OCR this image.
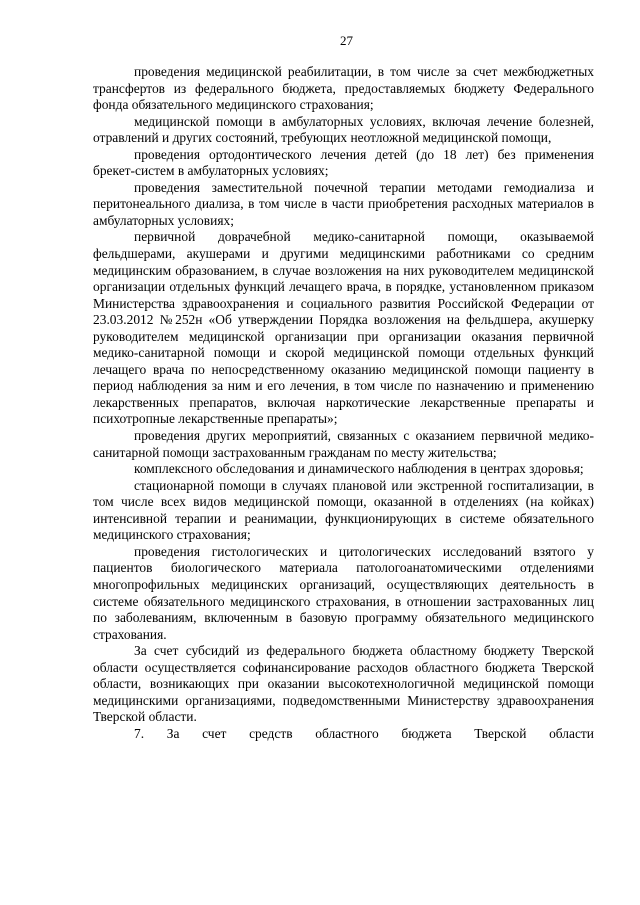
27

проведения медицинской реабилитации, в том числе за счет межбюджетных трансфертов из федерального бюджета, предоставляемых бюджету Федерального фонда обязательного медицинского страхования;

медицинской помощи в амбулаторных условиях, включая лечение болезней, отравлений и других состояний, требующих неотложной медицинской помощи,

проведения ортодонтического лечения детей (до 18 лет) без применения брекет-систем в амбулаторных условиях;

проведения заместительной почечной терапии методами гемодиализа и перитонеального диализа, в том числе в части приобретения расходных материалов в амбулаторных условиях;

первичной доврачебной медико-санитарной помощи, оказываемой фельдшерами, акушерами и другими медицинскими работниками со средним медицинским образованием, в случае возложения на них руководителем медицинской организации отдельных функций лечащего врача, в порядке, установленном приказом Министерства здравоохранения и социального развития Российской Федерации от 23.03.2012 №252н «Об утверждении Порядка возложения на фельдшера, акушерку руководителем медицинской организации при организации оказания первичной медико-санитарной помощи и скорой медицинской помощи отдельных функций лечащего врача по непосредственному оказанию медицинской помощи пациенту в период наблюдения за ним и его лечения, в том числе по назначению и применению лекарственных препаратов, включая наркотические лекарственные препараты и психотропные лекарственные препараты»;

проведения других мероприятий, связанных с оказанием первичной медико-санитарной помощи застрахованным гражданам по месту жительства;

комплексного обследования и динамического наблюдения в центрах здоровья;

стационарной помощи в случаях плановой или экстренной госпитализации, в том числе всех видов медицинской помощи, оказанной в отделениях (на койках) интенсивной терапии и реанимации, функционирующих в системе обязательного медицинского страхования;

проведения гистологических и цитологических исследований взятого у пациентов биологического материала патологоанатомическими отделениями многопрофильных медицинских организаций, осуществляющих деятельность в системе обязательного медицинского страхования, в отношении застрахованных лиц по заболеваниям, включенным в базовую программу обязательного медицинского страхования.

За счет субсидий из федерального бюджета областному бюджету Тверской области осуществляется софинансирование расходов областного бюджета Тверской области, возникающих при оказании высокотехнологичной медицинской помощи медицинскими организациями, подведомственными Министерству здравоохранения Тверской области.

7. За счет средств областного бюджета Тверской области
